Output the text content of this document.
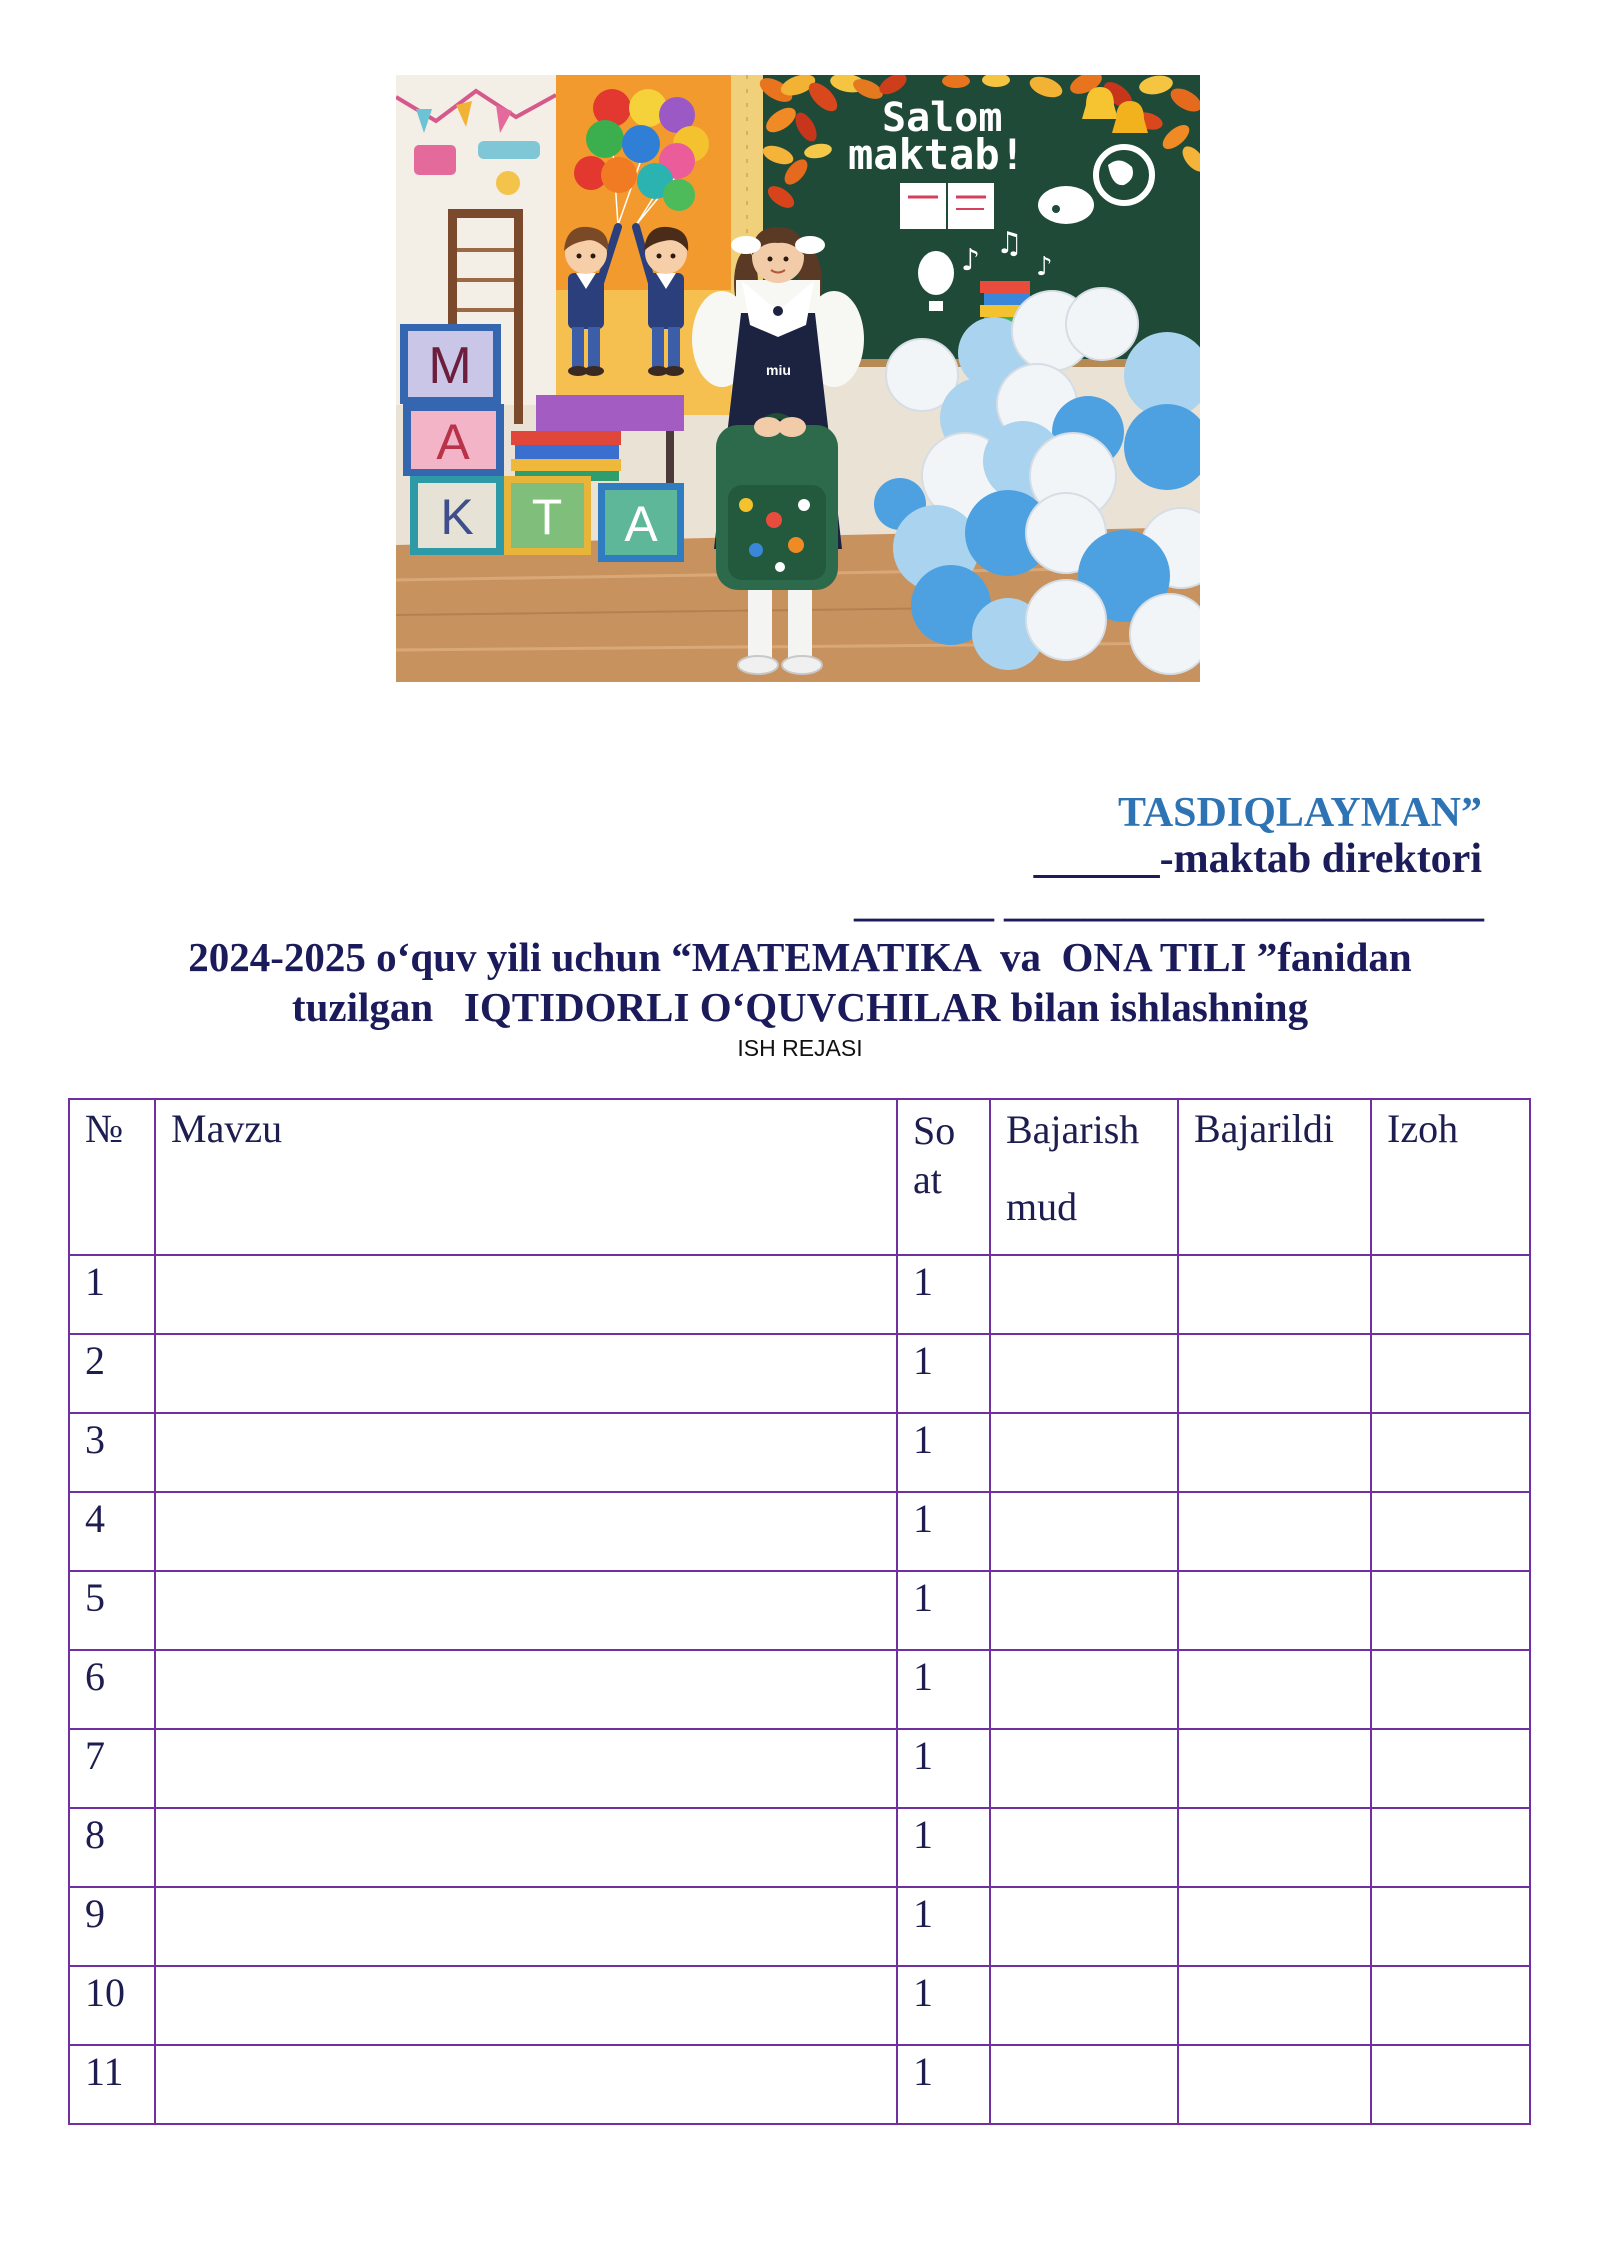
Salom
maktab!
♪ ♫
♪
M
A
K T A
miu
TASDIQLAYMAN”
______-maktab direktori
_______ ________________________
2024-2025 o‘quv yili uchun “MATEMATIKA  va  ONA TILI ”fanidan
tuzilgan   IQTIDORLI O‘QUVCHILAR bilan ishlashning
ISH REJASI
№	Mavzu	So at	Bajarish mud	Bajarildi	Izoh
1		1			
2		1			
3		1			
4		1			
5		1			
6		1			
7		1			
8		1			
9		1			
10		1			
11		1			
